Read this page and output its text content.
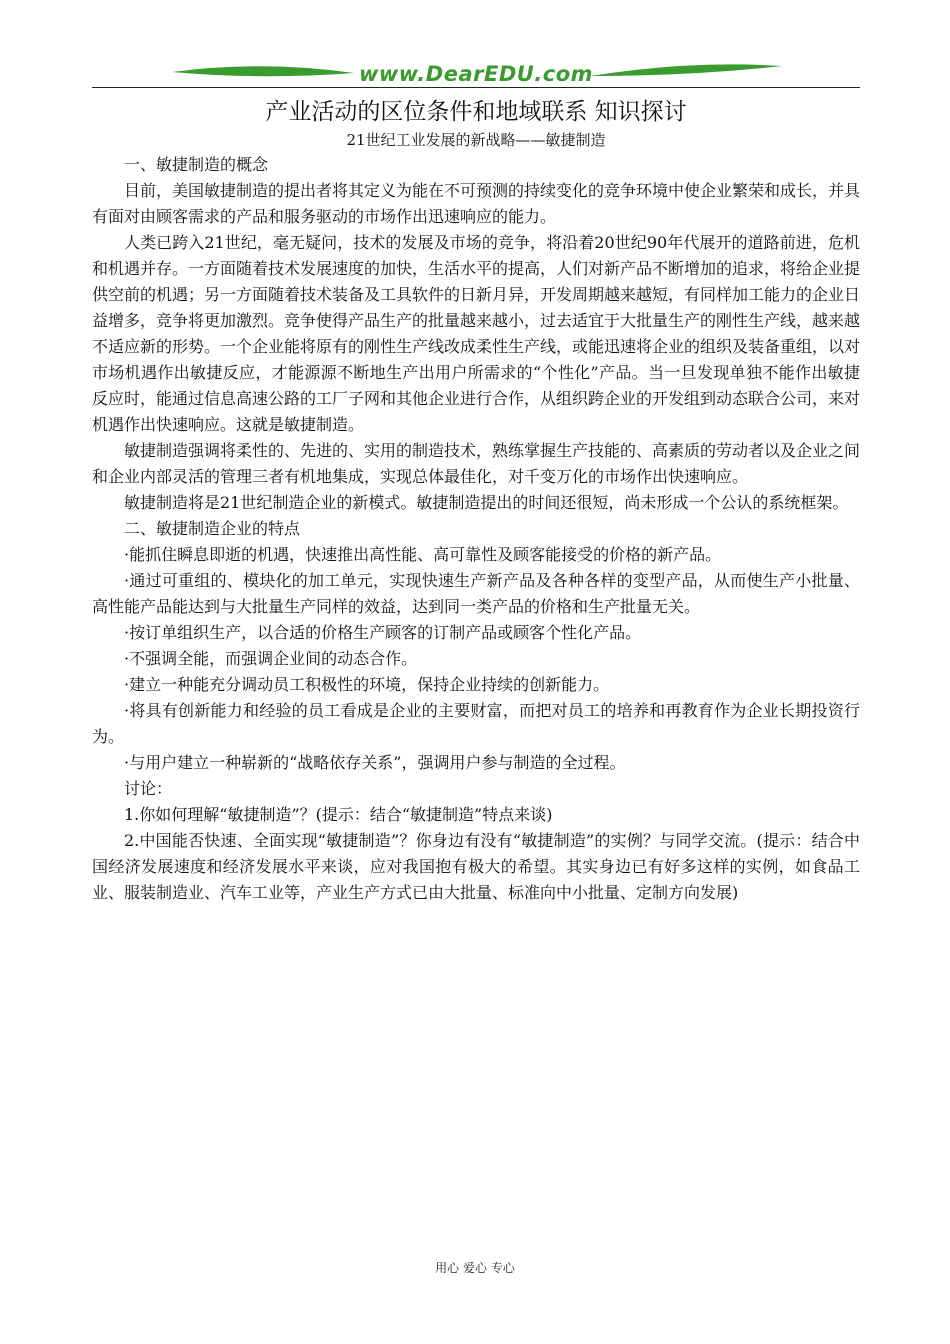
www.DearEDU.com
产业活动的区位条件和地域联系 知识探讨
21世纪工业发展的新战略——敏捷制造

一、敏捷制造的概念

目前，美国敏捷制造的提出者将其定义为能在不可预测的持续变化的竞争环境中使企业繁荣和成长，并具有面对由顾客需求的产品和服务驱动的市场作出迅速响应的能力。

人类已跨入21世纪，毫无疑问，技术的发展及市场的竞争，将沿着20世纪90年代展开的道路前进，危机和机遇并存。一方面随着技术发展速度的加快，生活水平的提高，人们对新产品不断增加的追求，将给企业提供空前的机遇；另一方面随着技术装备及工具软件的日新月异，开发周期越来越短，有同样加工能力的企业日益增多，竞争将更加激烈。竞争使得产品生产的批量越来越小，过去适宜于大批量生产的刚性生产线，越来越不适应新的形势。一个企业能将原有的刚性生产线改成柔性生产线，或能迅速将企业的组织及装备重组，以对市场机遇作出敏捷反应，才能源源不断地生产出用户所需求的“个性化”产品。当一旦发现单独不能作出敏捷反应时，能通过信息高速公路的工厂子网和其他企业进行合作，从组织跨企业的开发组到动态联合公司，来对机遇作出快速响应。这就是敏捷制造。

敏捷制造强调将柔性的、先进的、实用的制造技术，熟练掌握生产技能的、高素质的劳动者以及企业之间和企业内部灵活的管理三者有机地集成，实现总体最佳化，对千变万化的市场作出快速响应。

敏捷制造将是21世纪制造企业的新模式。敏捷制造提出的时间还很短，尚未形成一个公认的系统框架。

二、敏捷制造企业的特点

·能抓住瞬息即逝的机遇，快速推出高性能、高可靠性及顾客能接受的价格的新产品。

·通过可重组的、模块化的加工单元，实现快速生产新产品及各种各样的变型产品，从而使生产小批量、高性能产品能达到与大批量生产同样的效益，达到同一类产品的价格和生产批量无关。

·按订单组织生产，以合适的价格生产顾客的订制产品或顾客个性化产品。

·不强调全能，而强调企业间的动态合作。

·建立一种能充分调动员工积极性的环境，保持企业持续的创新能力。

·将具有创新能力和经验的员工看成是企业的主要财富，而把对员工的培养和再教育作为企业长期投资行为。

·与用户建立一种崭新的“战略依存关系”，强调用户参与制造的全过程。

讨论：

1.你如何理解“敏捷制造”？(提示：结合“敏捷制造”特点来谈)

2.中国能否快速、全面实现“敏捷制造”？你身边有没有“敏捷制造”的实例？与同学交流。(提示：结合中国经济发展速度和经济发展水平来谈，应对我国抱有极大的希望。其实身边已有好多这样的实例，如食品工业、服装制造业、汽车工业等，产业生产方式已由大批量、标准向中小批量、定制方向发展)

用心 爱心 专心
